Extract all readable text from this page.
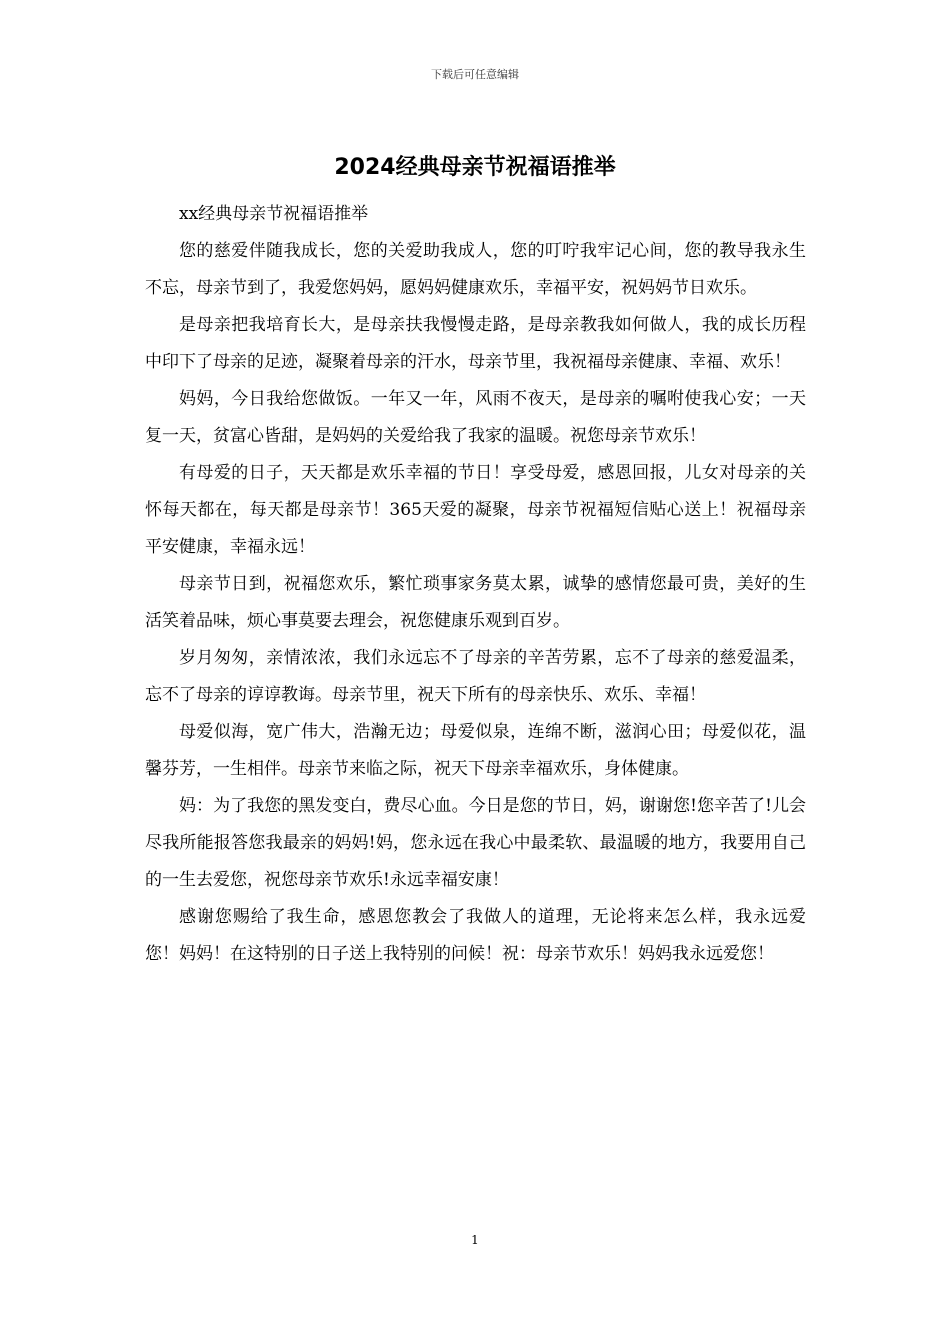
下载后可任意编辑
2024经典母亲节祝福语推举

xx经典母亲节祝福语推举

您的慈爱伴随我成长，您的关爱助我成人，您的叮咛我牢记心间，您的教导我永生不忘，母亲节到了，我爱您妈妈，愿妈妈健康欢乐，幸福平安，祝妈妈节日欢乐。

是母亲把我培育长大，是母亲扶我慢慢走路，是母亲教我如何做人，我的成长历程中印下了母亲的足迹，凝聚着母亲的汗水，母亲节里，我祝福母亲健康、幸福、欢乐！

妈妈，今日我给您做饭。一年又一年，风雨不夜天，是母亲的嘱咐使我心安；一天复一天，贫富心皆甜，是妈妈的关爱给我了我家的温暖。祝您母亲节欢乐！

有母爱的日子，天天都是欢乐幸福的节日！享受母爱，感恩回报，儿女对母亲的关怀每天都在，每天都是母亲节！365天爱的凝聚，母亲节祝福短信贴心送上！祝福母亲平安健康，幸福永远！

母亲节日到，祝福您欢乐，繁忙琐事家务莫太累，诚挚的感情您最可贵，美好的生活笑着品味，烦心事莫要去理会，祝您健康乐观到百岁。

岁月匆匆，亲情浓浓，我们永远忘不了母亲的辛苦劳累，忘不了母亲的慈爱温柔，忘不了母亲的谆谆教诲。母亲节里，祝天下所有的母亲快乐、欢乐、幸福！

母爱似海，宽广伟大，浩瀚无边；母爱似泉，连绵不断，滋润心田；母爱似花，温馨芬芳，一生相伴。母亲节来临之际，祝天下母亲幸福欢乐，身体健康。

妈：为了我您的黑发变白，费尽心血。今日是您的节日，妈，谢谢您!您辛苦了!儿会尽我所能报答您我最亲的妈妈!妈，您永远在我心中最柔软、最温暖的地方，我要用自己的一生去爱您，祝您母亲节欢乐!永远幸福安康！

感谢您赐给了我生命，感恩您教会了我做人的道理，无论将来怎么样，我永远爱您！妈妈！在这特别的日子送上我特别的问候！祝：母亲节欢乐！妈妈我永远爱您！

1
